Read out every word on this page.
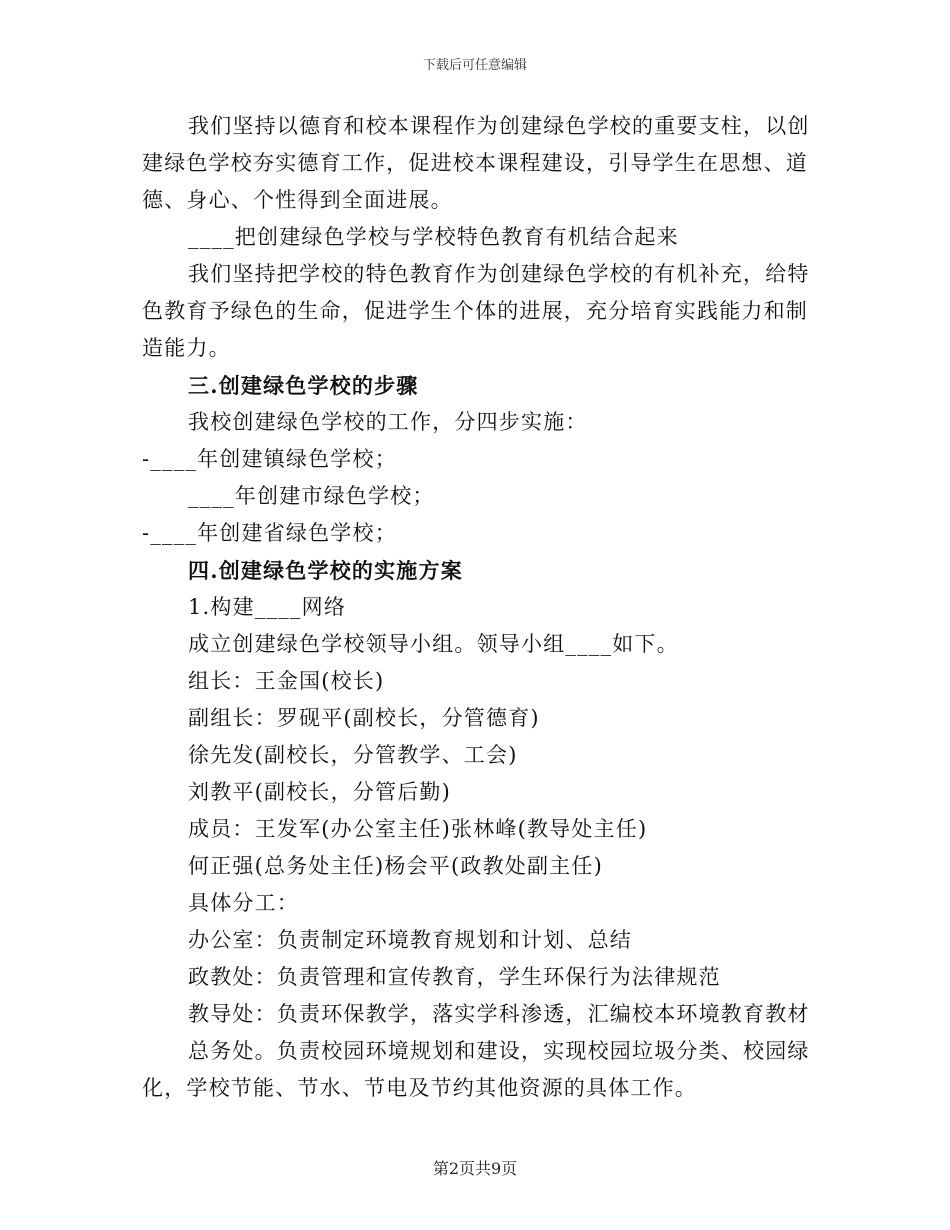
下载后可任意编辑

我们坚持以德育和校本课程作为创建绿色学校的重要支柱，以创建绿色学校夯实德育工作，促进校本课程建设，引导学生在思想、道德、身心、个性得到全面进展。

____把创建绿色学校与学校特色教育有机结合起来

我们坚持把学校的特色教育作为创建绿色学校的有机补充，给特色教育予绿色的生命，促进学生个体的进展，充分培育实践能力和制造能力。

三.创建绿色学校的步骤

我校创建绿色学校的工作，分四步实施：

-____年创建镇绿色学校；

____年创建市绿色学校；

-____年创建省绿色学校；

四.创建绿色学校的实施方案

1.构建____网络

成立创建绿色学校领导小组。领导小组____如下。

组长：王金国(校长)

副组长：罗砚平(副校长，分管德育)

徐先发(副校长，分管教学、工会)

刘教平(副校长，分管后勤)

成员：王发军(办公室主任)张林峰(教导处主任)

何正强(总务处主任)杨会平(政教处副主任)

具体分工：

办公室：负责制定环境教育规划和计划、总结

政教处：负责管理和宣传教育，学生环保行为法律规范

教导处：负责环保教学，落实学科渗透，汇编校本环境教育教材

总务处。负责校园环境规划和建设，实现校园垃圾分类、校园绿化，学校节能、节水、节电及节约其他资源的具体工作。

第2页共9页
